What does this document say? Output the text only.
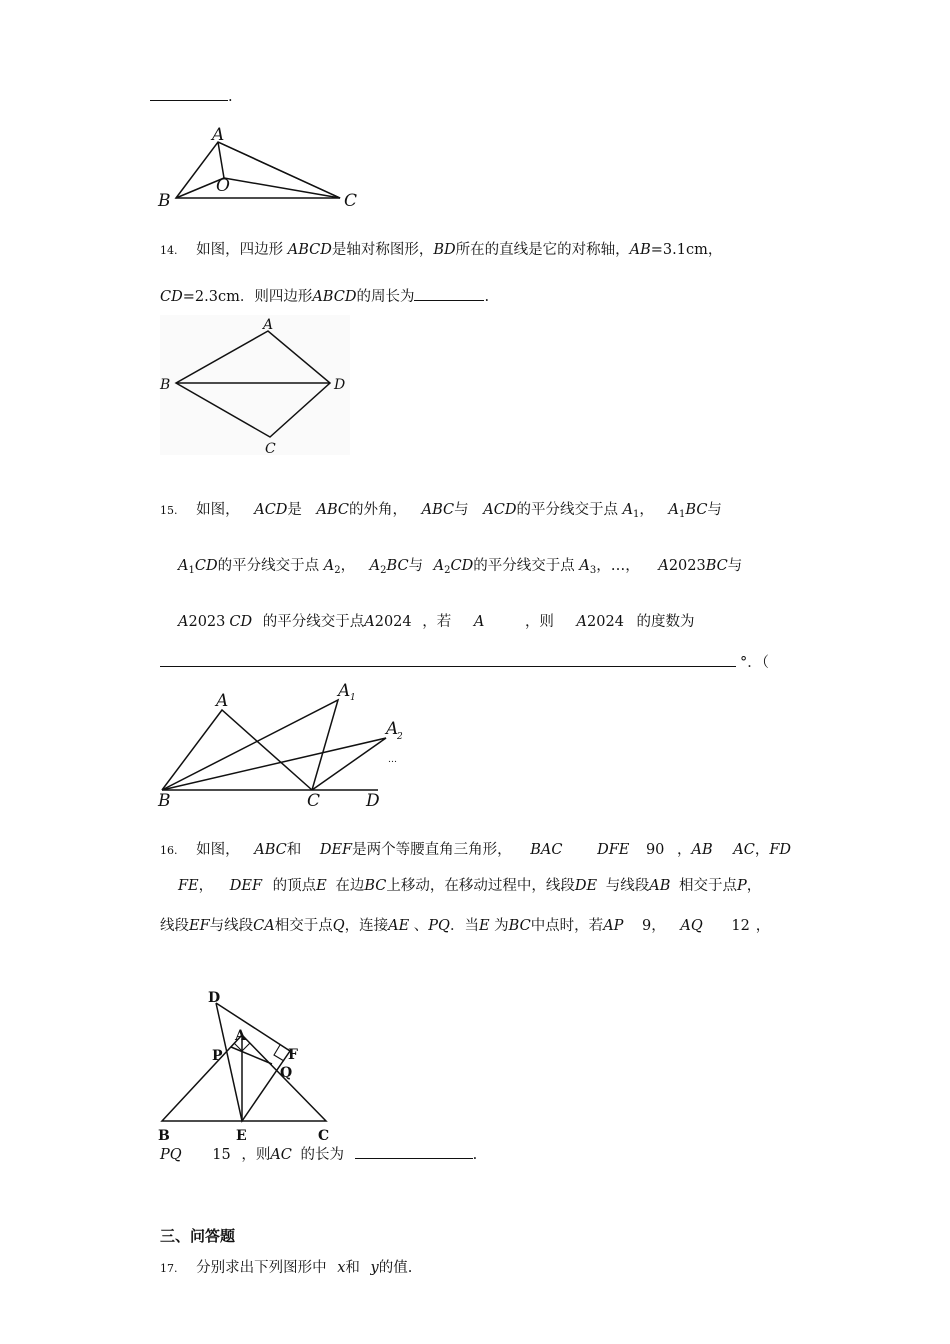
.
A
B
O
C
14. 如图，四边形 ABCD是轴对称图形，BD所在的直线是它的对称轴，AB=3.1cm，
CD=2.3cm．则四边形ABCD的周长为	.
A
B	D
C
15. 如图， ACD是 ABC的外角， ABC与 ACD的平分线交于点 $A_1$， $A_1BC$与
$A_1CD$的平分线交于点 $A_2$， $A_2BC$与 $A_2CD$的平分线交于点 $A_3$，…， A2023BC与
A2023 CD 的平分线交于点A2024 ，若 A	，则 A2024 的度数为
°．（
A	A 1
A
2
…
B	C	D
16. 如图， ABC和 DEF是两个等腰直角三角形， BAC DFE 90 ，AB AC，FD
FE， DEF 的顶点E 在边BC上移动，在移动过程中，线段DE 与线段AB 相交于点P，
线段EF与线段CA相交于点Q，连接AE 、PQ．当E 为BC中点时，若AP 9， AQ 12 ，
D
A
P	F
Q
B	E	C
PQ 15 ，则AC 的长为	.
三、问答题
17. 分别求出下列图形中 x和 y的值.
